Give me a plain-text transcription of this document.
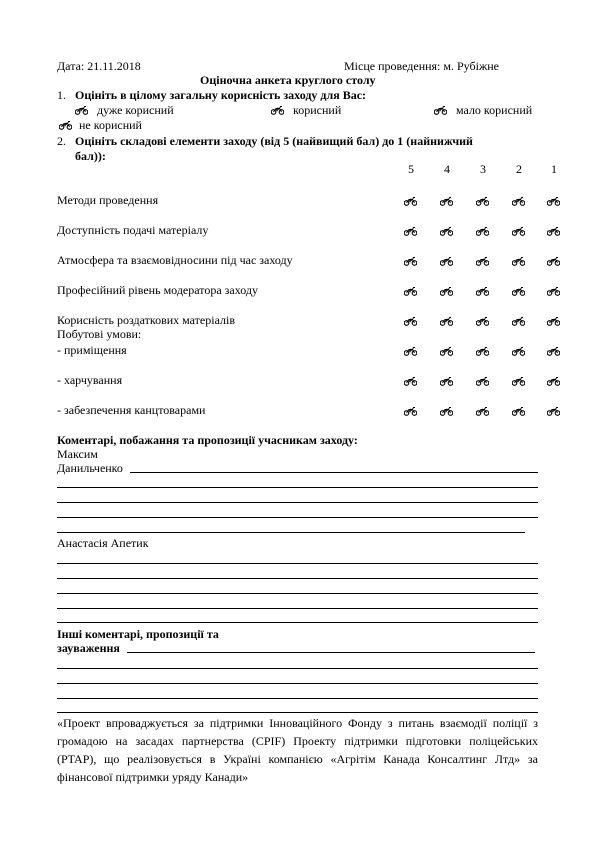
Дата: 21.11.2018	Місце проведення: м. Рубіжне
Оціночна анкета круглого столу
1. Оцініть в цілому загальну корисність заходу для Вас:
дуже корисний	корисний	мало корисний
не корисний
2. Оцініть складові елементи заходу (від 5 (найвищий бал) до 1 (найнижчий
бал)):
5	4	3	2	1
Методи проведення
Доступність подачі матеріалу
Атмосфера та взаємовідносини під час заходу
Професійний рівень модератора заходу
Корисність роздаткових матеріалів
Побутові умови:
- приміщення
- харчування
- забезпечення канцтоварами
Коментарі, побажання та пропозиції учасникам заходу:
Максим
Данильченко
Анастасія Апетик
Інші коментарі, пропозиції та
зауваження
«Проект впроваджується за підтримки Інноваційного Фонду з питань взаємодії поліції з громадою на засадах партнерства (CPIF) Проекту підтримки підготовки поліцейських (PTAP), що реалізовується в Україні компанією «Агрітім Канада Консалтинг Лтд» за фінансової підтримки уряду Канади»
